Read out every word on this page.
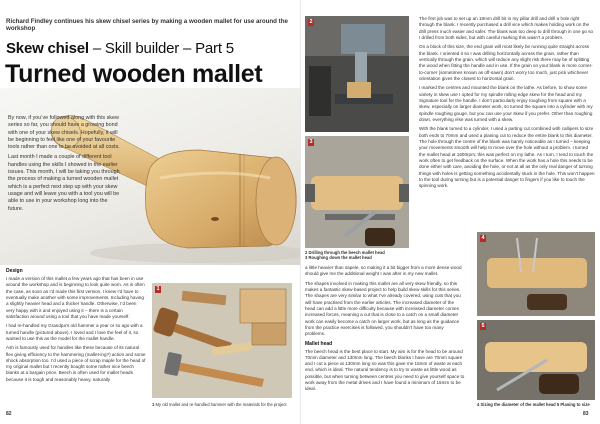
Richard Findley continues his skew chisel series by making a wooden mallet for use around the workshop
Skew chisel – Skill builder – Part 5
Turned wooden mallet

By now, if you’ve followed along with this skew series so far, you should have a growing bond with one of your skew chisels. Hopefully, it will be beginning to feel like one of your favourite tools rather than one to be avoided at all costs.

Last month I made a couple of different tool handles using the skills I showed in the earlier issues. This month, I will be taking you through the process of making a turned wooden mallet which is a perfect next step up with your skew usage and will leave you with a tool you will be able to use in your workshop long into the future.

Design

I made a version of this mallet a few years ago that has been in use around the workshop and is beginning to look quite worn. As is often the case, as soon as I’d made this first version, I knew I’d have to eventually make another with some improvements. Including having a slightly heavier head and a thicker handle. Otherwise, I’d been very happy with it and enjoyed using it – there is a certain satisfaction around using a tool that you have made yourself.

I had re-handled my Grandpa’s old hammer a year or so ago with a turned handle (pictured above). I loved and I love the feel of it, so wanted to use this as the model for the mallet handle.

Ash is famously used for handles like these because of its natural flex giving efficiency to the hammering (mallet-ing?) action and some shock absorption too. I’d used a piece of scrap maple for the head of my original mallet but I recently bought some rather nice beech blanks at a bargain price. Beech is often used for mallet heads because it is tough and reasonably heavy, naturally

1
1 My old mallet and re-handled hammer with the materials for the project
82
2
3
2 Drilling through the beech mallet head
3 Roughing down the mallet head

a little heavier than sapele, so making it a bit bigger from a more dense wood should give me the additional weight I was after in my new mallet.

The shapes involved in making this mallet are all very skew friendly, so this makes a fantastic skew-based project to help build skew skills for this series. The shapes are very similar to what I’ve already covered, using cuts that you will have practised from the earlier articles. The increased diameter of the head can add a little more difficulty because with increased diameter comes increased forces, meaning a cut that is close to a catch on a small diameter work can easily become a catch on larger work, but as long as the guidance from the practice exercises is followed, you shouldn’t have too many problems.

Mallet head

The beech head is the best place to start. My aim is for the head to be around 70mm diameter and 130mm long. The beech blanks I have are 70mm square and I cut a piece at 130mm long so was this gave me 15mm of waste at each end, which is ideal. The natural tendency is to try to waste as little wood as possible, but when turning between centres you need to give yourself space to work away from the metal drives and I have found a minimum of 15mm to be ideal.

The first job was to set up an 18mm drill bit in my pillar drill and drill a hole right through the blank. I recently purchased a drill vice which makes holding work on the drill press much easier and safer. The blank was too deep to drill through in one go so I drilled from both sides, but with careful marking this wasn’t a problem.

On a block of this size, the end grain will most likely be running quite straight across the blank. I oriented it so I was drilling horizontally across the grain, rather than vertically through the grain, which will reduce any slight risk there may be of splitting the wood when fitting the handle and in use. If the grain on your blank is more corner-to-corner (sometimes known as off-sawn) don’t worry too much, just pick whichever orientation gives the closest to horizontal grain.

I marked the centres and mounted the blank on the lathe. As before, to show some variety in skew use I opted for my spindle rolling edge skew for the head and my Signature tool for the handle. I don’t particularly enjoy roughing from square with a skew, especially on larger diameter work, so turned the square into a cylinder with my spindle roughing gouge, but you can use your skew if you prefer. Other than roughing down, everything else was turned with a skew.

With the blank turned to a cylinder, I used a parting cut combined with callipers to size both ends to 70mm and used a planing cut to reduce the entire blank to this diameter. The hole through the centre of the blank was barely noticeable as I turned – keeping your movements smooth will help to move over the hole without a problem. I turned the mallet head at 1600rpm; this was perfect on my lathe. As I turn, I tend to touch the work often to get feedback on the surface. When the work has a hole this needs to be done either with care, avoiding the hole, or not at all as the only real danger of turning things with holes is getting something accidentally stuck in the hole. This won’t happen to the tool during turning but is a potential danger to fingers if you like to touch the spinning work.

4
5
4 Sizing the diameter of the mallet head 5 Planing to size
83
